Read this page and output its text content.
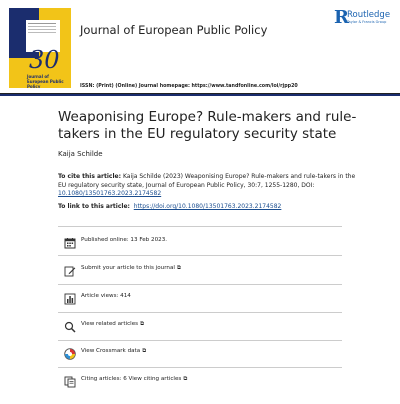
30
Journal of
European Public Policy
Journal of European Public Policy
R
Routledge
Taylor & Francis Group
ISSN: (Print) (Online) Journal homepage: https://www.tandfonline.com/loi/rjpp20
Weaponising Europe? Rule-makers and rule-takers in the EU regulatory security state
Kaija Schilde
To cite this article: Kaija Schilde (2023) Weaponising Europe? Rule-makers and rule-takers in the EU regulatory security state, Journal of European Public Policy, 30:7, 1255-1280, DOI: 10.1080/13501763.2023.2174582
To link to this article: https://doi.org/10.1080/13501763.2023.2174582
Published online: 13 Feb 2023.
Submit your article to this journal ⧉
Article views: 414
View related articles ⧉
View Crossmark data ⧉
Citing articles: 6 View citing articles ⧉
